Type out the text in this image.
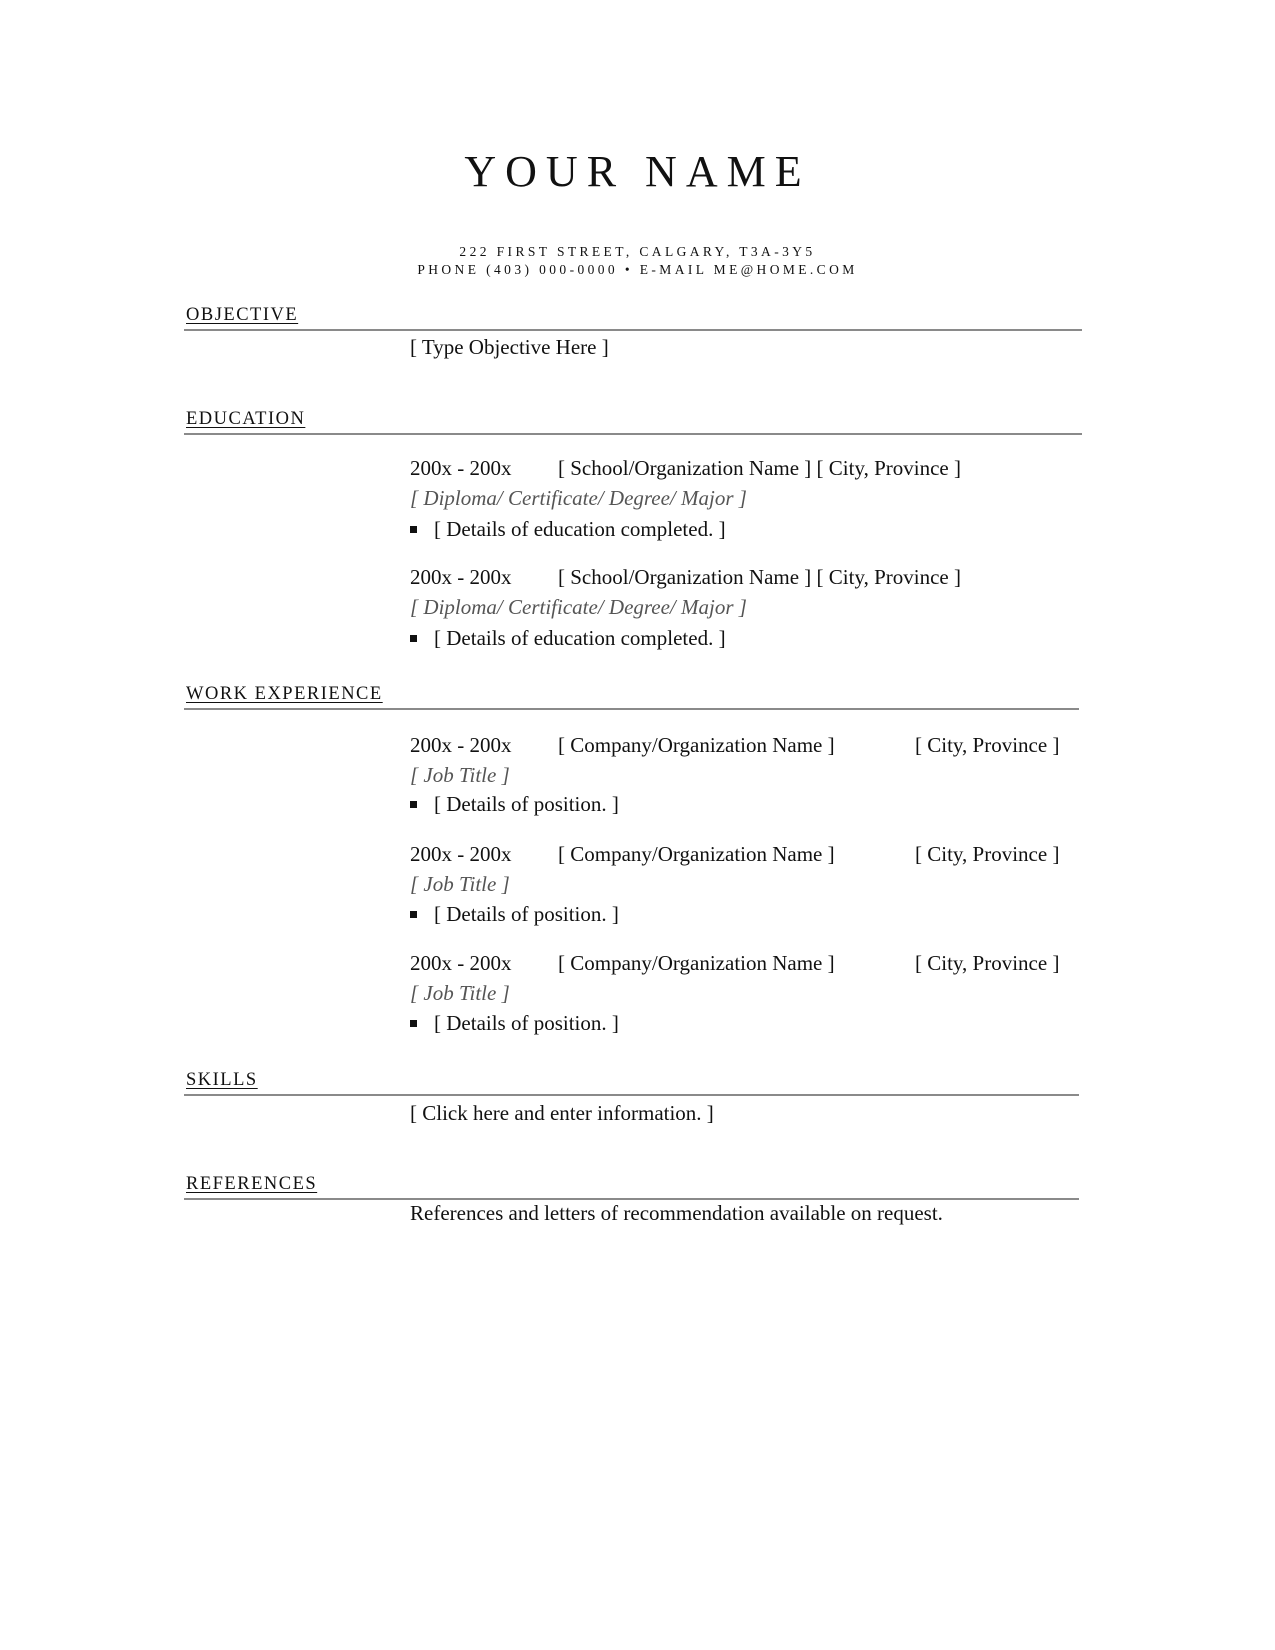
YOUR NAME
222 FIRST STREET, CALGARY, T3A-3Y5
PHONE (403) 000-0000 • E-MAIL ME@HOME.COM
OBJECTIVE
[ Type Objective Here ]
EDUCATION
200x - 200x [ School/Organization Name ] [ City, Province ]
[ Diploma/ Certificate/ Degree/ Major ]
[ Details of education completed. ]
200x - 200x [ School/Organization Name ] [ City, Province ]
[ Diploma/ Certificate/ Degree/ Major ]
[ Details of education completed. ]
WORK EXPERIENCE
200x - 200x [ Company/Organization Name ]	[ City, Province ]
[ Job Title ]
[ Details of position. ]
200x - 200x [ Company/Organization Name ]	[ City, Province ]
[ Job Title ]
[ Details of position. ]
200x - 200x [ Company/Organization Name ]	[ City, Province ]
[ Job Title ]
[ Details of position. ]
SKILLS
[ Click here and enter information. ]
REFERENCES
References and letters of recommendation available on request.
